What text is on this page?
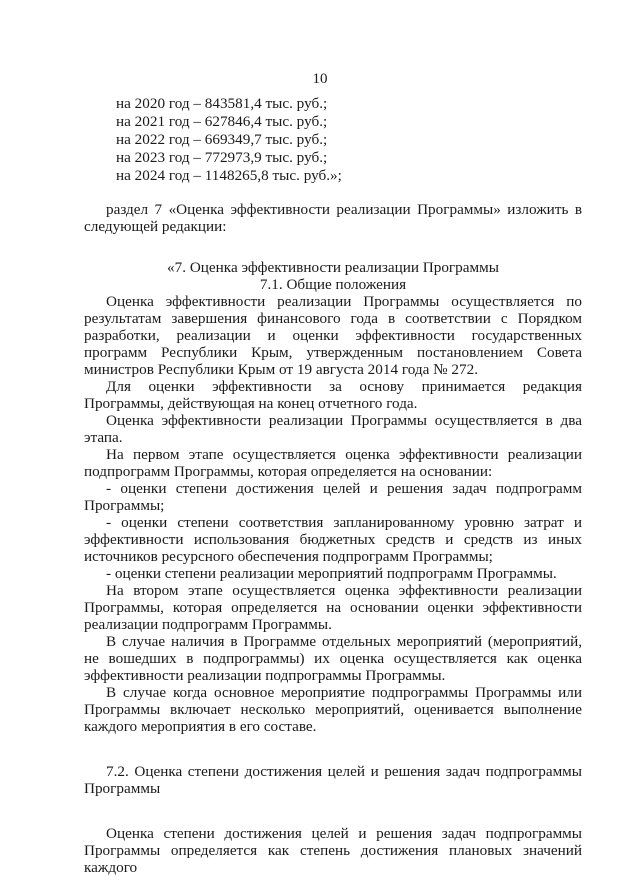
10
на 2020 год – 843581,4 тыс. руб.;
на 2021 год – 627846,4 тыс. руб.;
на 2022 год – 669349,7 тыс. руб.;
на 2023 год – 772973,9 тыс. руб.;
на 2024 год – 1148265,8 тыс. руб.»;

раздел 7 «Оценка эффективности реализации Программы» изложить в следующей редакции:

«7. Оценка эффективности реализации Программы

7.1. Общие положения

Оценка эффективности реализации Программы осуществляется по результатам завершения финансового года в соответствии с Порядком разработки, реализации и оценки эффективности государственных программ Республики Крым, утвержденным постановлением Совета министров Республики Крым от 19 августа 2014 года № 272.

Для оценки эффективности за основу принимается редакция Программы, действующая на конец отчетного года.

Оценка эффективности реализации Программы осуществляется в два этапа.

На первом этапе осуществляется оценка эффективности реализации подпрограмм Программы, которая определяется на основании:

- оценки степени достижения целей и решения задач подпрограмм Программы;

- оценки степени соответствия запланированному уровню затрат и эффективности использования бюджетных средств и средств из иных источников ресурсного обеспечения подпрограмм Программы;

- оценки степени реализации мероприятий подпрограмм Программы.

На втором этапе осуществляется оценка эффективности реализации Программы, которая определяется на основании оценки эффективности реализации подпрограмм Программы.

В случае наличия в Программе отдельных мероприятий (мероприятий, не вошедших в подпрограммы) их оценка осуществляется как оценка эффективности реализации подпрограммы Программы.

В случае когда основное мероприятие подпрограммы Программы или Программы включает несколько мероприятий, оценивается выполнение каждого мероприятия в его составе.

7.2. Оценка степени достижения целей и решения задач подпрограммы Программы

Оценка степени достижения целей и решения задач подпрограммы Программы определяется как степень достижения плановых значений каждого
